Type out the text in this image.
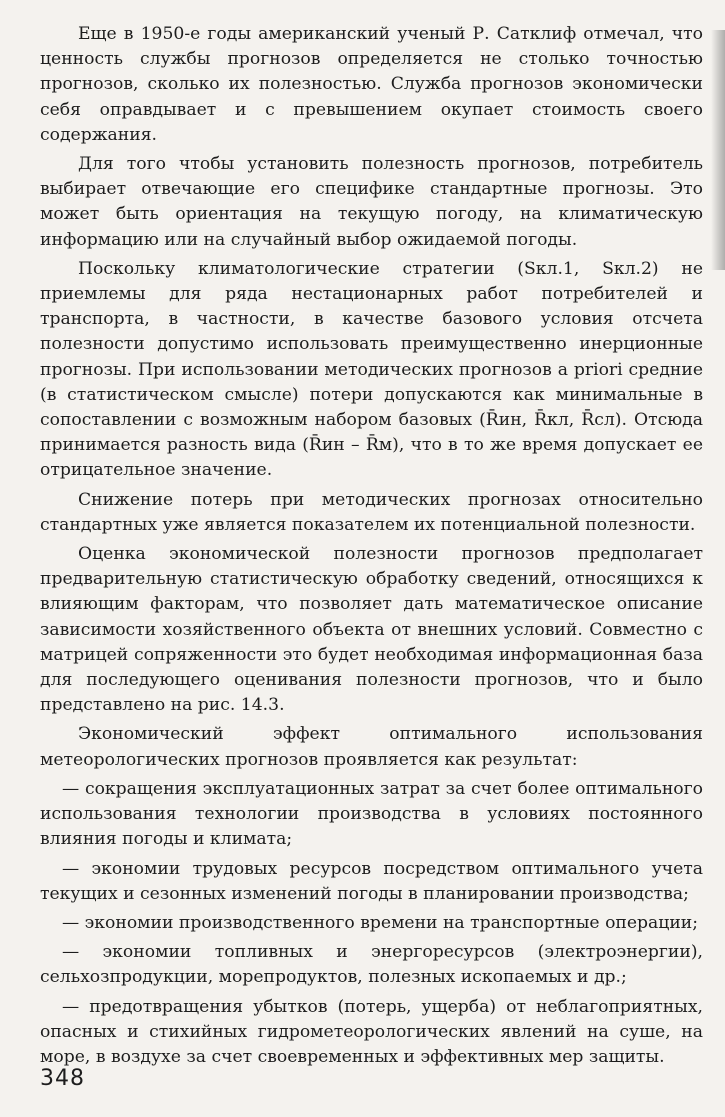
Еще в 1950-е годы американский ученый Р. Сатклиф отмечал, что ценность службы прогнозов определяется не столько точностью прогнозов, сколько их полезностью. Служба прогнозов экономически себя оправдывает и с превышением окупает стоимость своего содержания.

Для того чтобы установить полезность прогнозов, потребитель выбирает отвечающие его специфике стандартные прогнозы. Это может быть ориентация на текущую погоду, на климатическую информацию или на случайный выбор ожидаемой погоды.

Поскольку климатологические стратегии (Sкл.1, Sкл.2) не приемлемы для ряда нестационарных работ потребителей и транспорта, в частности, в качестве базового условия отсчета полезности допустимо использовать преимущественно инерционные прогнозы. При использовании методических прогнозов a priori средние (в статистическом смысле) потери допускаются как минимальные в сопоставлении с возможным набором базовых (R̄ин, R̄кл, R̄сл). Отсюда принимается разность вида (R̄ин – R̄м), что в то же время допускает ее отрицательное значение.

Снижение потерь при методических прогнозах относительно стандартных уже является показателем их потенциальной полезности.

Оценка экономической полезности прогнозов предполагает предварительную статистическую обработку сведений, относящихся к влияющим факторам, что позволяет дать математическое описание зависимости хозяйственного объекта от внешних условий. Совместно с матрицей сопряженности это будет необходимая информационная база для последующего оценивания полезности прогнозов, что и было представлено на рис. 14.3.

Экономический эффект оптимального использования метеорологических прогнозов проявляется как результат:

— сокращения эксплуатационных затрат за счет более оптимального использования технологии производства в условиях постоянного влияния погоды и климата;

— экономии трудовых ресурсов посредством оптимального учета текущих и сезонных изменений погоды в планировании производства;

— экономии производственного времени на транспортные операции;

— экономии топливных и энергоресурсов (электроэнергии), сельхозпродукции, морепродуктов, полезных ископаемых и др.;

— предотвращения убытков (потерь, ущерба) от неблагоприятных, опасных и стихийных гидрометеорологических явлений на суше, на море, в воздухе за счет своевременных и эффективных мер защиты.

348
